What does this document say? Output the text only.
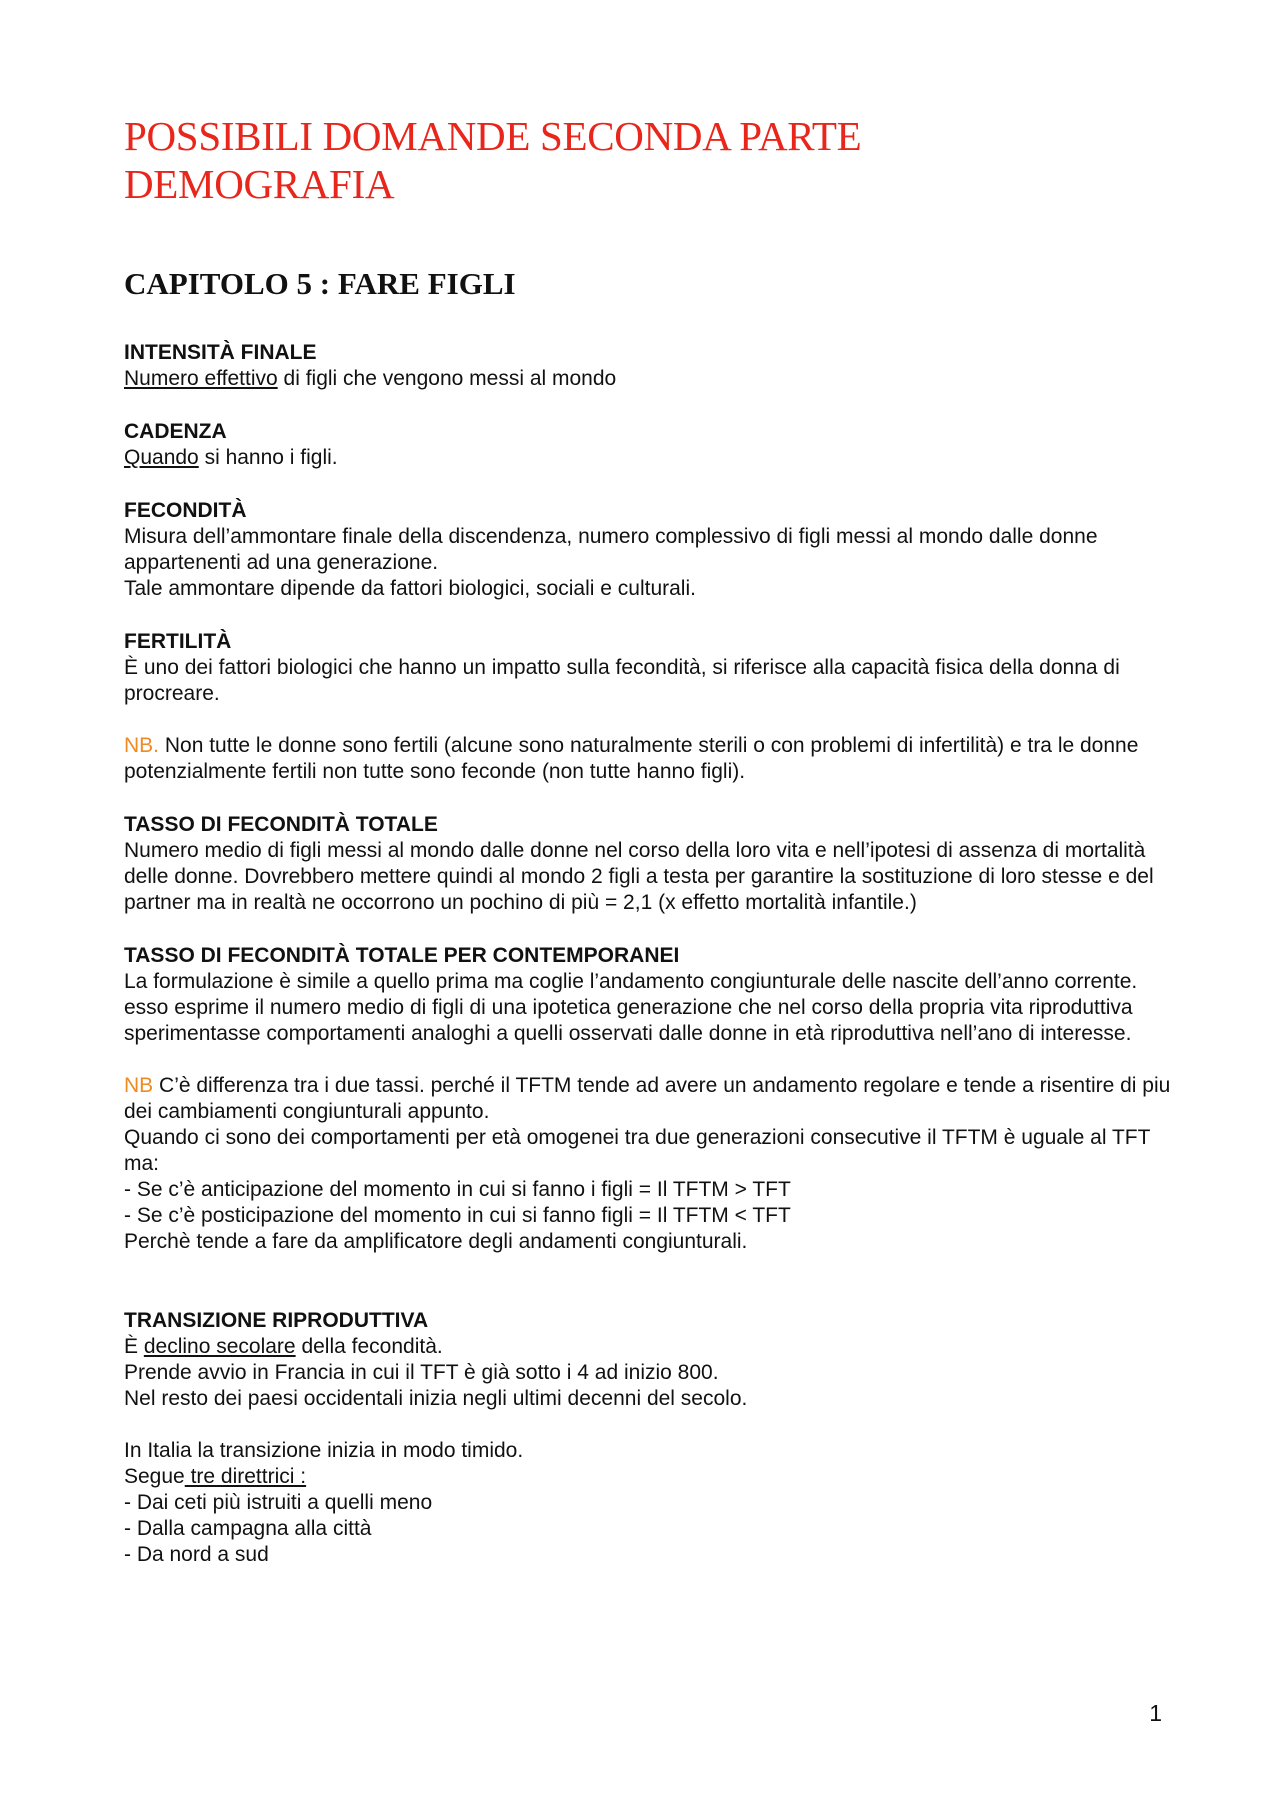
POSSIBILI DOMANDE SECONDA PARTE
DEMOGRAFIA
CAPITOLO 5 : FARE FIGLI

INTENSITÀ FINALE

Numero effettivo di figli che vengono messi al mondo

CADENZA

Quando si hanno i figli.

FECONDITÀ

Misura dell’ammontare finale della discendenza, numero complessivo di figli messi al mondo dalle donne appartenenti ad una generazione.

Tale ammontare dipende da fattori biologici, sociali e culturali.

FERTILITÀ

È uno dei fattori biologici che hanno un impatto sulla fecondità, si riferisce alla capacità fisica della donna di procreare.

NB. Non tutte le donne sono fertili (alcune sono naturalmente sterili o con problemi di infertilità) e tra le donne potenzialmente fertili non tutte sono feconde (non tutte hanno figli).

TASSO DI FECONDITÀ TOTALE

Numero medio di figli messi al mondo dalle donne nel corso della loro vita e nell’ipotesi di assenza di mortalità delle donne. Dovrebbero mettere quindi al mondo 2 figli a testa per garantire la sostituzione di loro stesse e del partner ma in realtà ne occorrono un pochino di più = 2,1 (x effetto mortalità infantile.)

TASSO DI FECONDITÀ TOTALE PER CONTEMPORANEI

La formulazione è simile a quello prima ma coglie l’andamento congiunturale delle nascite dell’anno corrente. esso esprime il numero medio di figli di una ipotetica generazione che nel corso della propria vita riproduttiva sperimentasse comportamenti analoghi a quelli osservati dalle donne in età riproduttiva nell’ano di interesse.

NB C’è differenza tra i due tassi. perché il TFTM tende ad avere un andamento regolare e tende a risentire di piu dei cambiamenti congiunturali appunto.

Quando ci sono dei comportamenti per età omogenei tra due generazioni consecutive il TFTM è uguale al TFT ma:

- Se c’è anticipazione del momento in cui si fanno i figli = Il TFTM > TFT

- Se c’è posticipazione del momento in cui si fanno figli = Il TFTM < TFT

Perchè tende a fare da amplificatore degli andamenti congiunturali.

TRANSIZIONE RIPRODUTTIVA

È declino secolare della fecondità.

Prende avvio in Francia in cui il TFT è già sotto i 4 ad inizio 800.

Nel resto dei paesi occidentali inizia negli ultimi decenni del secolo.

In Italia la transizione inizia in modo timido.

Segue tre direttrici :

- Dai ceti più istruiti a quelli meno

- Dalla campagna alla città

- Da nord a sud

1
